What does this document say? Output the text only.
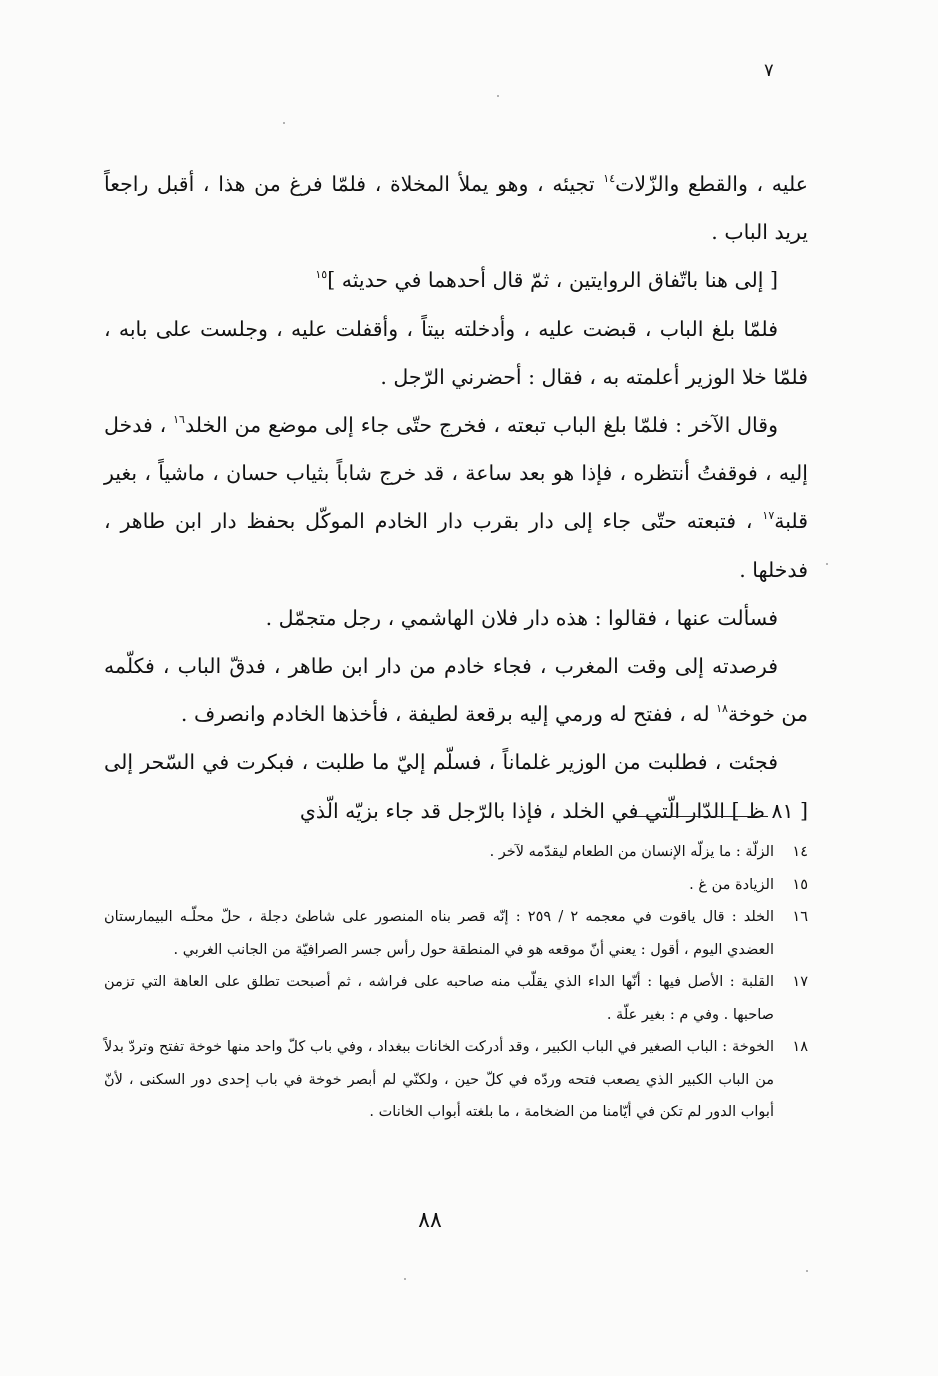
٧

عليه ، والقطع والزّلات$^{١٤}$ تجيئه ، وهو يملأ المخلاة ، فلمّا فرغ من هذا ، أقبل راجعاً يريد الباب .

[ إلى هنا باتّفاق الروايتين ، ثمّ قال أحدهما في حديثه ]$^{١٥}$

فلمّا بلغ الباب ، قبضت عليه ، وأدخلته بيتاً ، وأقفلت عليه ، وجلست على بابه ، فلمّا خلا الوزير أعلمته به ، فقال : أحضرني الرّجل .

وقال الآخر : فلمّا بلغ الباب تبعته ، فخرج حتّى جاء إلى موضع من الخلد$^{١٦}$ ، فدخل إليه ، فوقفتُ أنتظره ، فإذا هو بعد ساعة ، قد خرج شاباً بثياب حسان ، ماشياً ، بغير قلبة$^{١٧}$ ، فتبعته حتّى جاء إلى دار بقرب دار الخادم الموكّل بحفظ دار ابن طاهر ، فدخلها .

فسألت عنها ، فقالوا : هذه دار فلان الهاشمي ، رجل متجمّل .

فرصدته إلى وقت المغرب ، فجاء خادم من دار ابن طاهر ، فدقّ الباب ، فكلّمه من خوخة$^{١٨}$ له ، ففتح له ورمي إليه برقعة لطيفة ، فأخذها الخادم وانصرف .

فجئت ، فطلبت من الوزير غلماناً ، فسلّم إليّ ما طلبت ، فبكرت في السّحر إلى [ ٨١ ظ ] الدّار الّتي في الخلد ، فإذا بالرّجل قد جاء بزيّه الّذي

١٤
الزلّة : ما يزلّه الإنسان من الطعام ليقدّمه لآخر .
١٥
الزيادة من غ .
١٦
الخلد : قال ياقوت في معجمه ٢ / ٢٥٩ : إنّه قصر بناه المنصور على شاطئ دجلة ، حلّ محلّـه البيمارستان العضدي اليوم ، أقول : يعني أنّ موقعه هو في المنطقة حول رأس جسر الصرافيّة من الجانب الغربي .
١٧
القلبة : الأصل فيها : أنّها الداء الذي يقلّب منه صاحبه على فراشه ، ثم أصبحت تطلق على العاهة التي تزمن صاحبها . وفي م : بغير علّة .
١٨
الخوخة : الباب الصغير في الباب الكبير ، وقد أدركت الخانات ببغداد ، وفي باب كلّ واحد منها خوخة تفتح وتردّ بدلاً من الباب الكبير الذي يصعب فتحه وردّه في كلّ حين ، ولكنّي لم أبصر خوخة في باب إحدى دور السكنى ، لأنّ أبواب الدور لم تكن في أيّامنا من الضخامة ، ما بلغته أبواب الخانات .
٨٨
